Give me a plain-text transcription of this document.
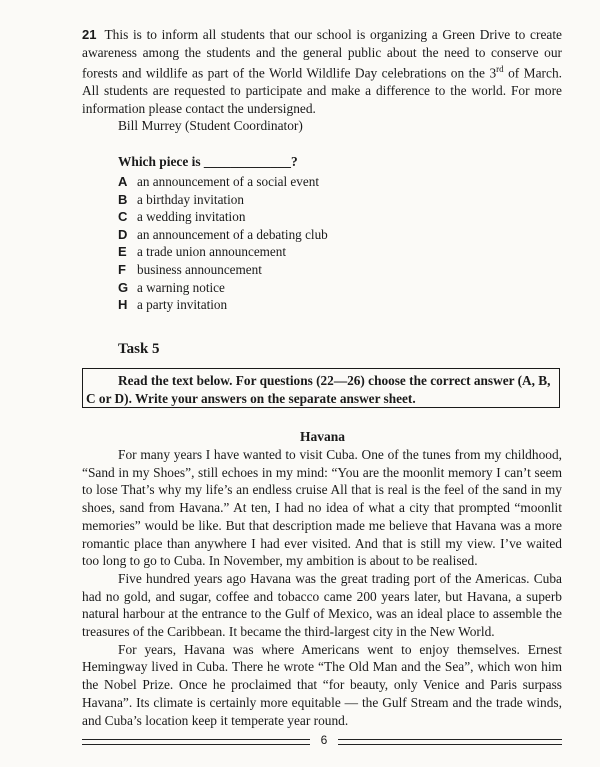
21 This is to inform all students that our school is organizing a Green Drive to create awareness among the students and the general public about the need to conserve our forests and wildlife as part of the World Wildlife Day celebrations on the 3rd of March. All students are requested to participate and make a difference to the world. For more information please contact the undersigned.
Bill Murrey (Student Coordinator)
Which piece is _____________?
A an announcement of a social event
B a birthday invitation
C a wedding invitation
D an announcement of a debating club
E a trade union announcement
F business announcement
G a warning notice
H a party invitation
Task 5
Read the text below. For questions (22—26) choose the correct answer (A, B, C or D). Write your answers on the separate answer sheet.
Havana

For many years I have wanted to visit Cuba. One of the tunes from my childhood, “Sand in my Shoes”, still echoes in my mind: “You are the moonlit memory I can’t seem to lose That’s why my life’s an endless cruise All that is real is the feel of the sand in my shoes, sand from Havana.” At ten, I had no idea of what a city that prompted “moonlit memories” would be like. But that description made me believe that Havana was a more romantic place than anywhere I had ever visited. And that is still my view. I’ve waited too long to go to Cuba. In November, my ambition is about to be realised.

Five hundred years ago Havana was the great trading port of the Americas. Cuba had no gold, and sugar, coffee and tobacco came 200 years later, but Havana, a superb natural harbour at the entrance to the Gulf of Mexico, was an ideal place to assemble the treasures of the Caribbean. It became the third-largest city in the New World.

For years, Havana was where Americans went to enjoy themselves. Ernest Hemingway lived in Cuba. There he wrote “The Old Man and the Sea”, which won him the Nobel Prize. Once he proclaimed that “for beauty, only Venice and Paris surpass Havana”. Its climate is certainly more equitable — the Gulf Stream and the trade winds, and Cuba’s location keep it temperate year round.

6
